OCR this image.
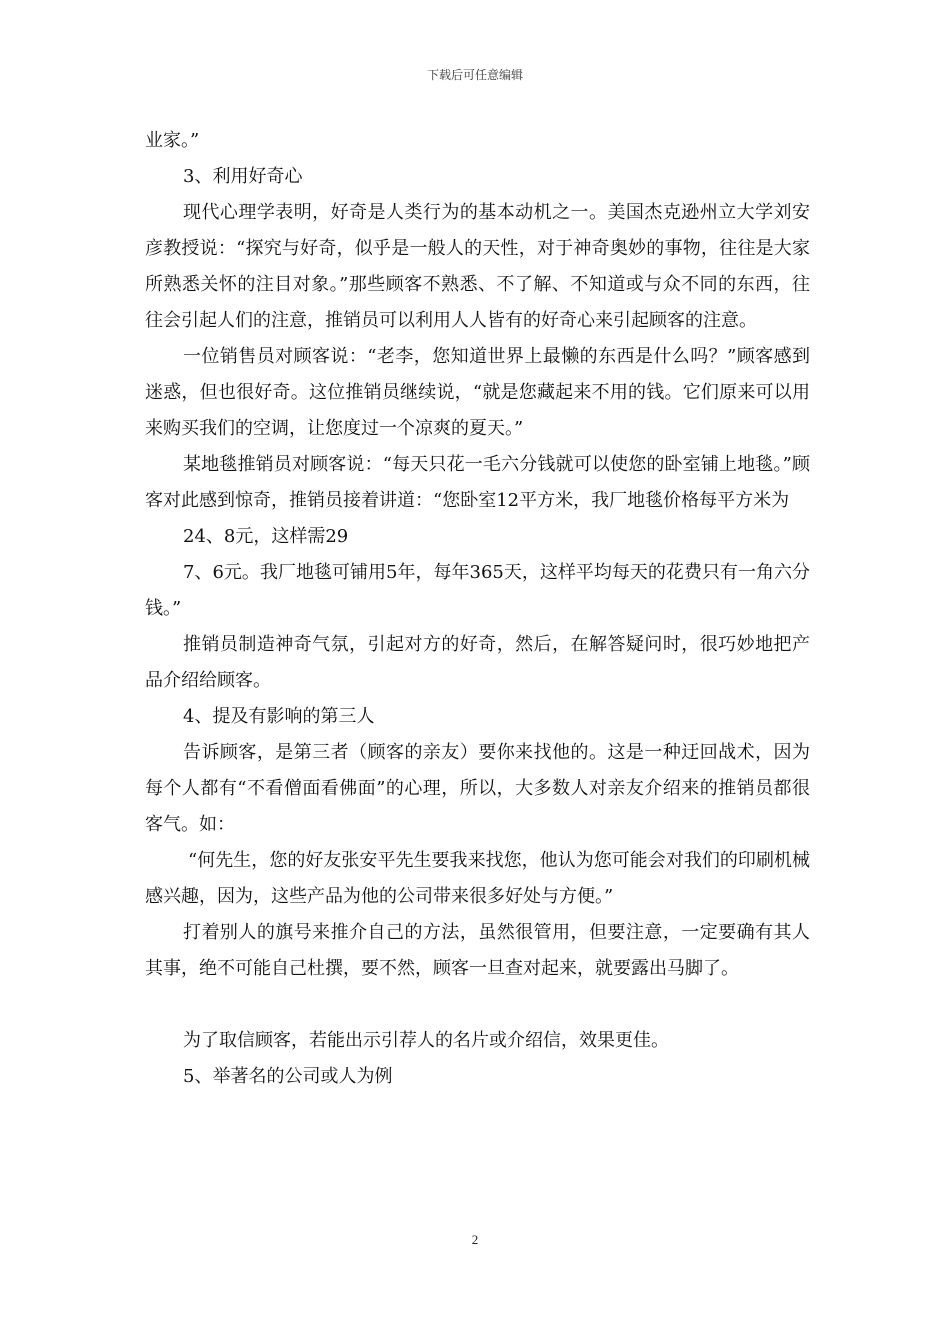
下载后可任意编辑

业家。”

3、利用好奇心

现代心理学表明，好奇是人类行为的基本动机之一。美国杰克逊州立大学刘安彦教授说：“探究与好奇，似乎是一般人的天性，对于神奇奥妙的事物，往往是大家所熟悉关怀的注目对象。”那些顾客不熟悉、不了解、不知道或与众不同的东西，往往会引起人们的注意，推销员可以利用人人皆有的好奇心来引起顾客的注意。

一位销售员对顾客说：“老李，您知道世界上最懒的东西是什么吗？”顾客感到迷惑，但也很好奇。这位推销员继续说，“就是您藏起来不用的钱。它们原来可以用来购买我们的空调，让您度过一个凉爽的夏天。”

某地毯推销员对顾客说：“每天只花一毛六分钱就可以使您的卧室铺上地毯。”顾客对此感到惊奇，推销员接着讲道：“您卧室12平方米，我厂地毯价格每平方米为

24、8元，这样需29

7、6元。我厂地毯可铺用5年，每年365天，这样平均每天的花费只有一角六分钱。”

推销员制造神奇气氛，引起对方的好奇，然后，在解答疑问时，很巧妙地把产品介绍给顾客。

4、提及有影响的第三人

告诉顾客，是第三者（顾客的亲友）要你来找他的。这是一种迂回战术，因为每个人都有“不看僧面看佛面”的心理，所以，大多数人对亲友介绍来的推销员都很客气。如：

“何先生，您的好友张安平先生要我来找您，他认为您可能会对我们的印刷机械感兴趣，因为，这些产品为他的公司带来很多好处与方便。”

打着别人的旗号来推介自己的方法，虽然很管用，但要注意，一定要确有其人其事，绝不可能自己杜撰，要不然，顾客一旦查对起来，就要露出马脚了。

为了取信顾客，若能出示引荐人的名片或介绍信，效果更佳。

5、举著名的公司或人为例

2
